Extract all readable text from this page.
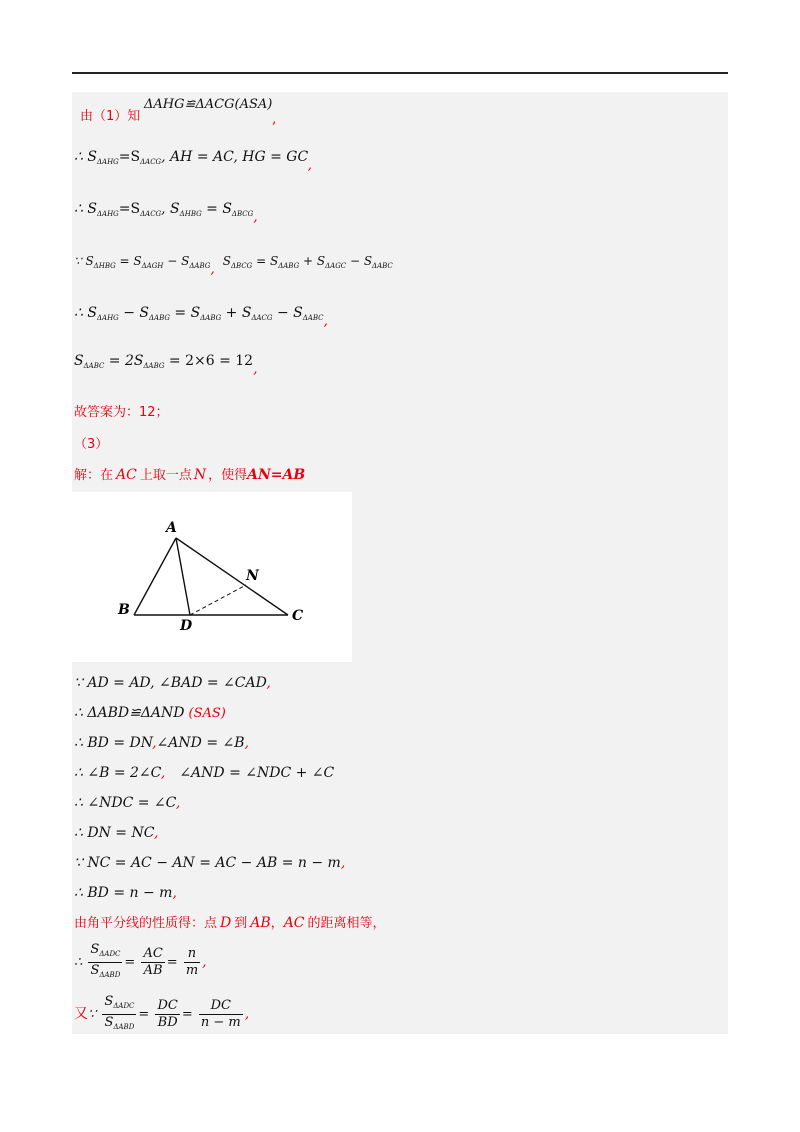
ΔAHG≌ΔACG(ASA)
由（1）知	,
∴ $S_{\Delta AHG}=S_{\Delta ACG}$, AH = AC, HG = GC,
∴ $S_{\Delta AHG}=S_{\Delta ACG}$, $S_{\Delta HBG} = S_{\Delta BCG}$,
∵ $S_{\Delta HBG} = S_{\Delta AGH} - S_{\Delta ABG}$, $S_{\Delta BCG} = S_{\Delta ABG} + S_{\Delta AGC} - S_{\Delta ABC}$
∴ $S_{\Delta AHG} - S_{\Delta ABG} = S_{\Delta ABG} + S_{\Delta ACG} - S_{\Delta ABC}$,
$S_{\Delta ABC} = 2S_{\Delta ABG} = 2\times 6 = 12$,
故答案为：12；
（3）
解：在 AC 上取一点 N ，使得AN=AB
A
B	C
D
N
∵ AD = AD, ∠BAD = ∠CAD,
∴ ΔABD≌ΔAND (SAS)
∴ BD = DN,∠AND = ∠B,
∴ ∠B = 2∠C, ∠AND = ∠NDC + ∠C
∴ ∠NDC = ∠C,
∴ DN = NC,
∵ NC = AC − AN = AC − AB = n − m,
∴ BD = n − m,
由角平分线的性质得：点 D 到 AB，AC 的距离相等，
∴ $\frac{S_{\Delta ADC}}{S_{\Delta ABD}} = \frac{AC}{AB} = \frac{n}{m}$ ,
又∵ $\frac{S_{\Delta ADC}}{S_{\Delta ABD}} = \frac{DC}{BD} = \frac{DC}{n - m}$ ,
